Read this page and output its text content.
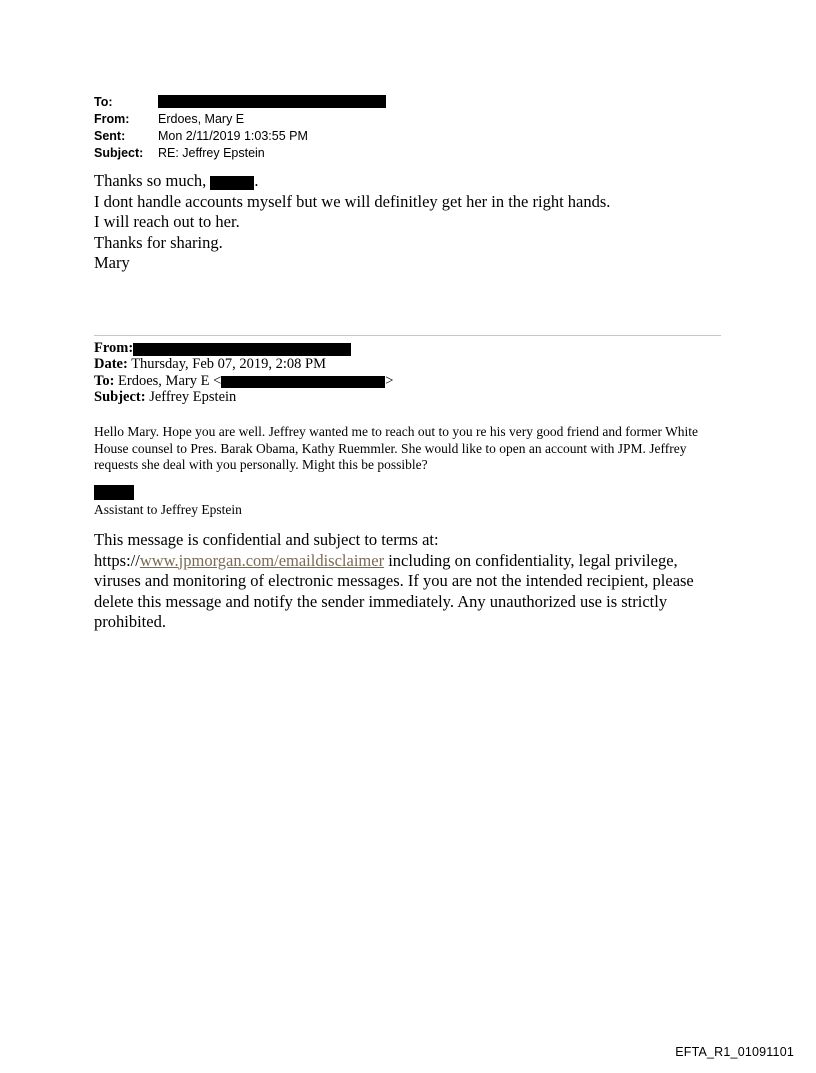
To:
From:	Erdoes, Mary E
Sent:	Mon 2/11/2019 1:03:55 PM
Subject:	RE: Jeffrey Epstein
Thanks so much,	.
I dont handle accounts myself but we will definitley get her in the right hands.
I will reach out to her.
Thanks for sharing.
Mary
From:
Date: Thursday, Feb 07, 2019, 2:08 PM
To: Erdoes, Mary E <	>
Subject: Jeffrey Epstein
Hello Mary. Hope you are well. Jeffrey wanted me to reach out to you re his very good friend and former White House counsel to Pres. Barak Obama, Kathy Ruemmler. She would like to open an account with JPM. Jeffrey requests she deal with you personally. Might this be possible?
Assistant to Jeffrey Epstein
This message is confidential and subject to terms at: https://www.jpmorgan.com/emaildisclaimer including on confidentiality, legal privilege, viruses and monitoring of electronic messages. If you are not the intended recipient, please delete this message and notify the sender immediately. Any unauthorized use is strictly prohibited.
EFTA_R1_01091101
